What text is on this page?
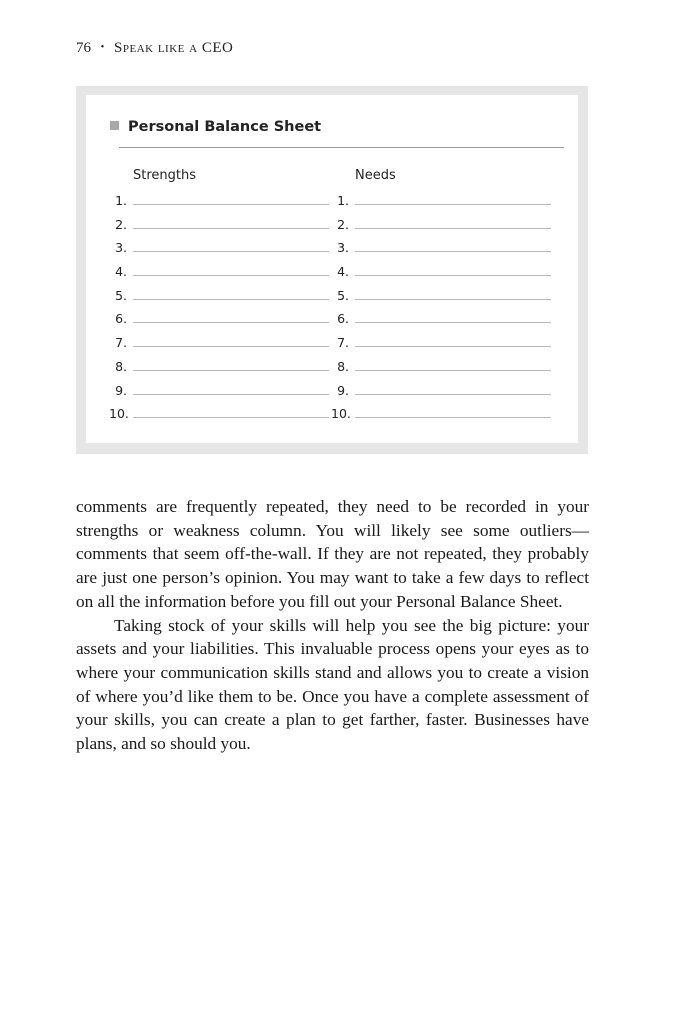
76 • Speak like a CEO
Personal Balance Sheet
Strengths	Needs
1.
2.
3.
4.
5.
6.
7.
8.
9.
10.
1.
2.
3.
4.
5.
6.
7.
8.
9.
10.

comments are frequently repeated, they need to be recorded in your strengths or weakness column. You will likely see some outliers—comments that seem off-the-wall. If they are not repeated, they probably are just one person’s opinion. You may want to take a few days to reflect on all the information before you fill out your Personal Balance Sheet.

Taking stock of your skills will help you see the big picture: your assets and your liabilities. This invaluable process opens your eyes as to where your communication skills stand and allows you to create a vision of where you’d like them to be. Once you have a complete assessment of your skills, you can create a plan to get farther, faster. Businesses have plans, and so should you.
